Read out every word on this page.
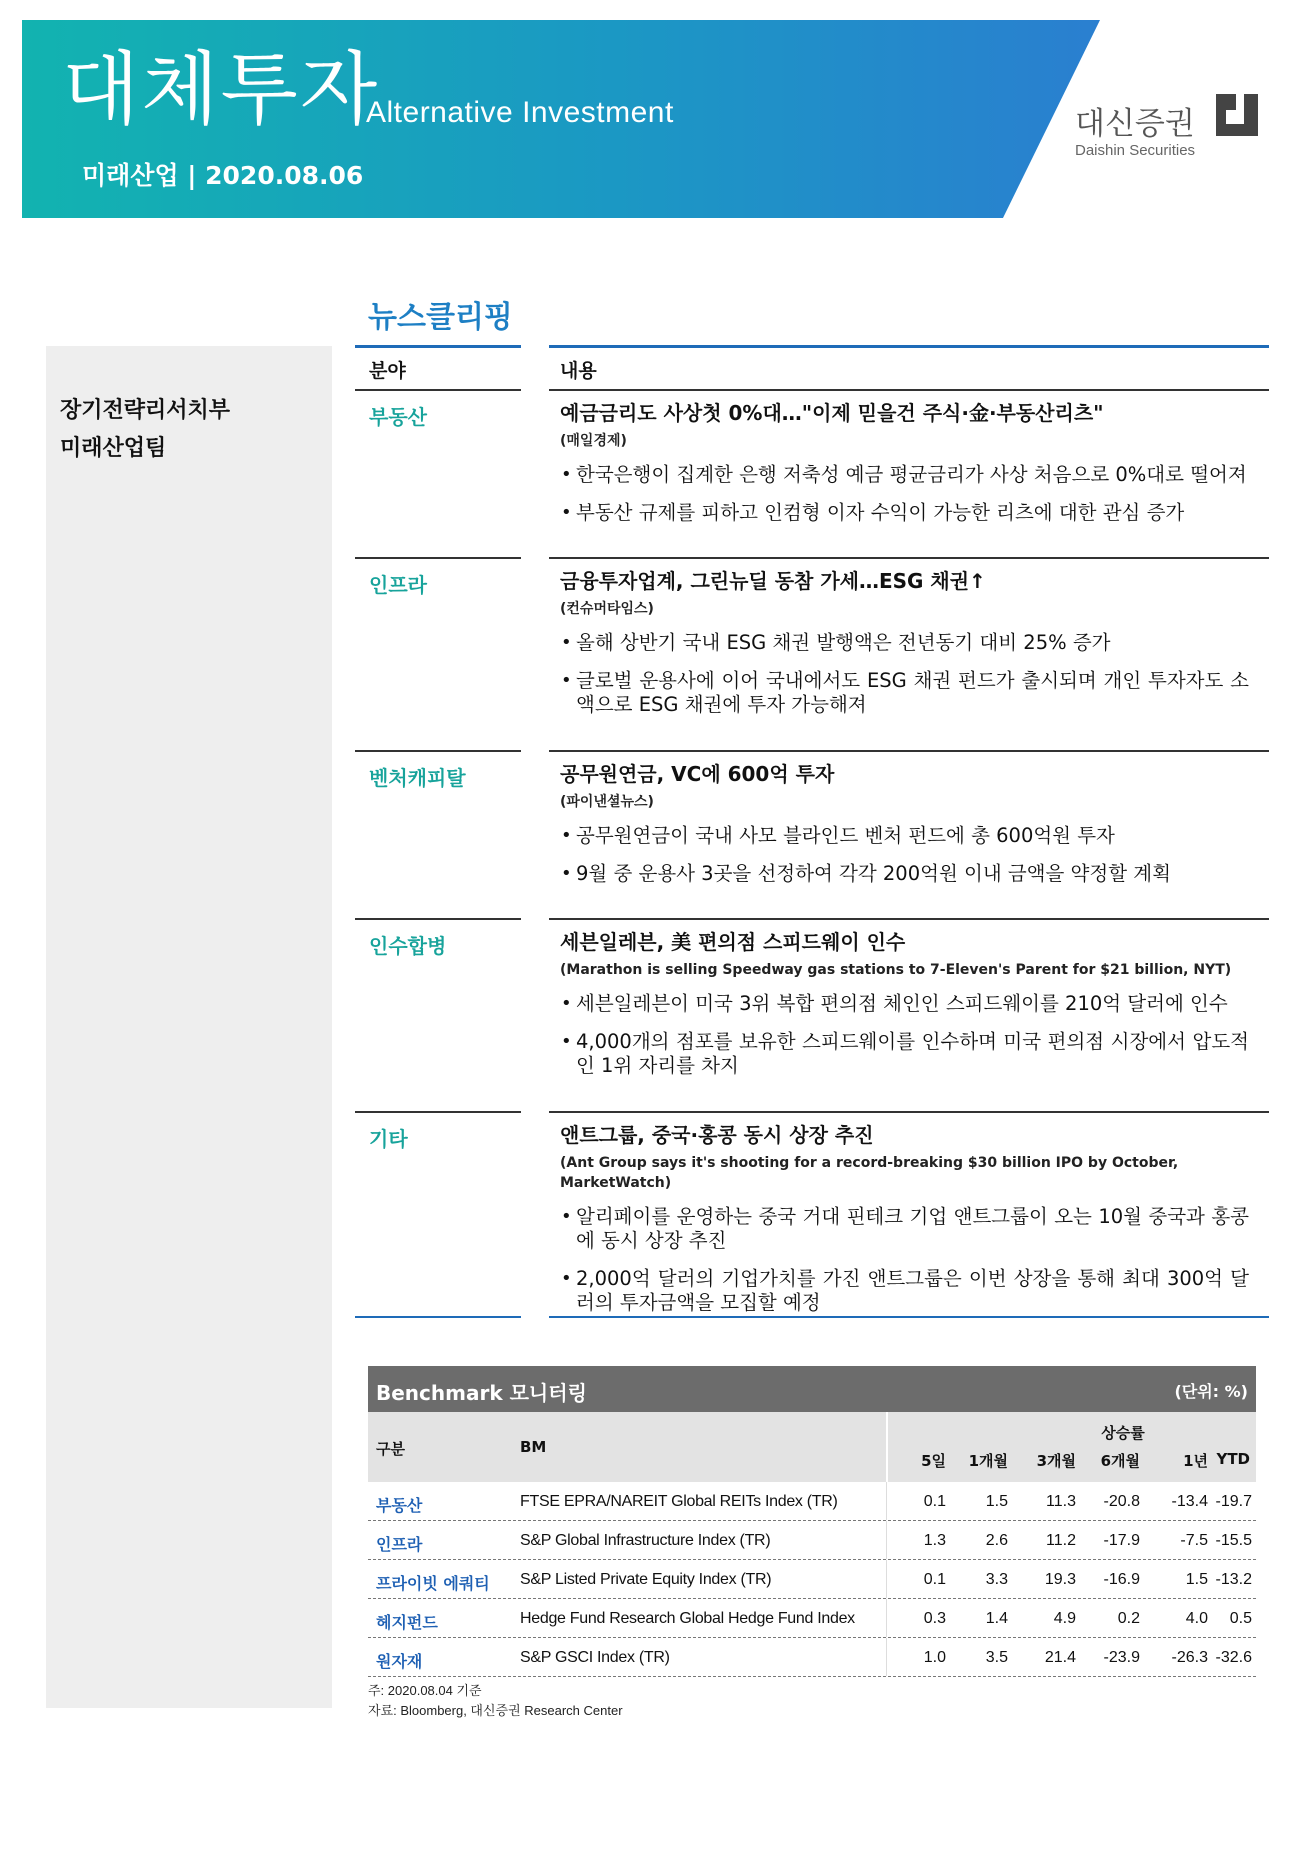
대체투자
Alternative Investment
미래산업 | 2020.08.06
대신증권
Daishin Securities
장기전략리서치부
미래산업팀
뉴스클리핑
분야	내용
부동산	예금금리도 사상첫 0%대…"이제 믿을건 주식·金·부동산리츠"
(매일경제)
• 한국은행이 집계한 은행 저축성 예금 평균금리가 사상 처음으로 0%대로 떨어져
• 부동산 규제를 피하고 인컴형 이자 수익이 가능한 리츠에 대한 관심 증가
인프라	금융투자업계, 그린뉴딜 동참 가세…ESG 채권↑
(컨슈머타임스)
• 올해 상반기 국내 ESG 채권 발행액은 전년동기 대비 25% 증가
• 글로벌 운용사에 이어 국내에서도 ESG 채권 펀드가 출시되며 개인 투자자도 소액으로 ESG 채권에 투자 가능해져
벤처캐피탈	공무원연금, VC에 600억 투자
(파이낸셜뉴스)
• 공무원연금이 국내 사모 블라인드 벤처 펀드에 총 600억원 투자
• 9월 중 운용사 3곳을 선정하여 각각 200억원 이내 금액을 약정할 계획
인수합병	세븐일레븐, 美 편의점 스피드웨이 인수
(Marathon is selling Speedway gas stations to 7-Eleven's Parent for $21 billion, NYT)
• 세븐일레븐이 미국 3위 복합 편의점 체인인 스피드웨이를 210억 달러에 인수
• 4,000개의 점포를 보유한 스피드웨이를 인수하며 미국 편의점 시장에서 압도적인 1위 자리를 차지
기타	앤트그룹, 중국·홍콩 동시 상장 추진
(Ant Group says it's shooting for a record-breaking $30 billion IPO by October, MarketWatch)
• 알리페이를 운영하는 중국 거대 핀테크 기업 앤트그룹이 오는 10월 중국과 홍콩에 동시 상장 추진
• 2,000억 달러의 기업가치를 가진 앤트그룹은 이번 상장을 통해 최대 300억 달러의 투자금액을 모집할 예정
Benchmark 모니터링	(단위: %)
구분	BM
상승률
5일	1개월	3개월	6개월	1년 YTD
부동산	FTSE EPRA/NAREIT Global REITs Index (TR)	0.1	1.5	11.3	-20.8	-13.4 -19.7
인프라	S&P Global Infrastructure Index (TR)	1.3	2.6	11.2	-17.9	-7.5 -15.5
프라이빗 에쿼티 S&P Listed Private Equity Index (TR)	0.1	3.3	19.3	-16.9	1.5 -13.2
헤지펀드	Hedge Fund Research Global Hedge Fund Index	0.3	1.4	4.9	0.2	4.0	0.5
원자재	S&P GSCI Index (TR)	1.0	3.5	21.4	-23.9	-26.3 -32.6
주: 2020.08.04 기준
자료: Bloomberg, 대신증권 Research Center
